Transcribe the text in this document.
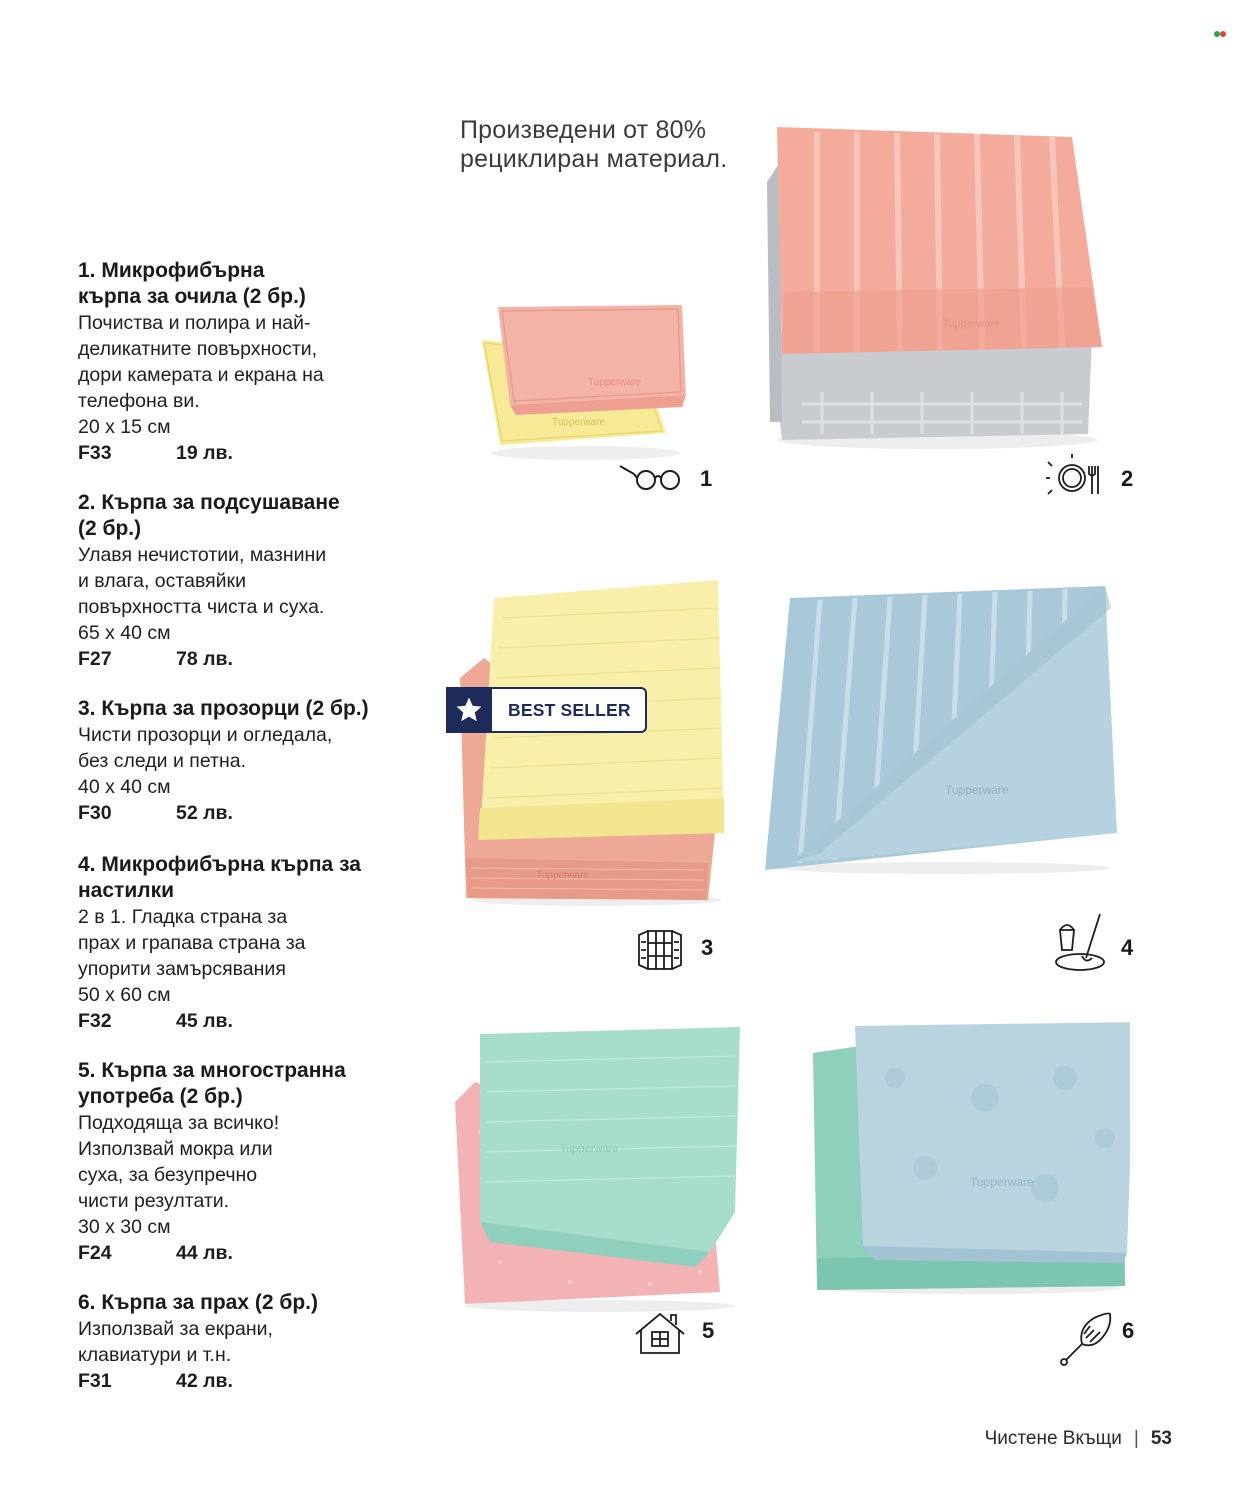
Произведени от 80%
рециклиран материал.
1. Микрофибърна
кърпа за очила (2 бр.)
Почиства и полира и най-
деликатните повърхности,
дори камерата и екрана на
телефона ви.
20 x 15 см
F33	19 лв.
2. Кърпа за подсушаване
(2 бр.)
Улавя нечистотии, мазнини
и влага, оставяйки
повърхността чиста и суха.
65 x 40 см
F27	78 лв.
3. Кърпа за прозорци (2 бр.)
Чисти прозорци и огледала,
без следи и петна.
40 x 40 см
F30	52 лв.
4. Микрофибърна кърпа за
настилки
2 в 1. Гладка страна за
прах и грапава страна за
упорити замърсявания
50 x 60 см
F32	45 лв.
5. Кърпа за многостранна
употреба (2 бр.)
Подходяща за всичко!
Използвай мокра или
суха, за безупречно
чисти резултати.
30 x 30 см
F24	44 лв.
6. Кърпа за прах (2 бр.)
Използвай за екрани,
клавиатури и т.н.
F31	42 лв.
Tupperware
Tupperware
Tupperware
Tupperware
BEST SELLER
Tupperware
Tupperware
Tupperware
1	2
3	4
5	6
Чистене Вкъщи | 53
